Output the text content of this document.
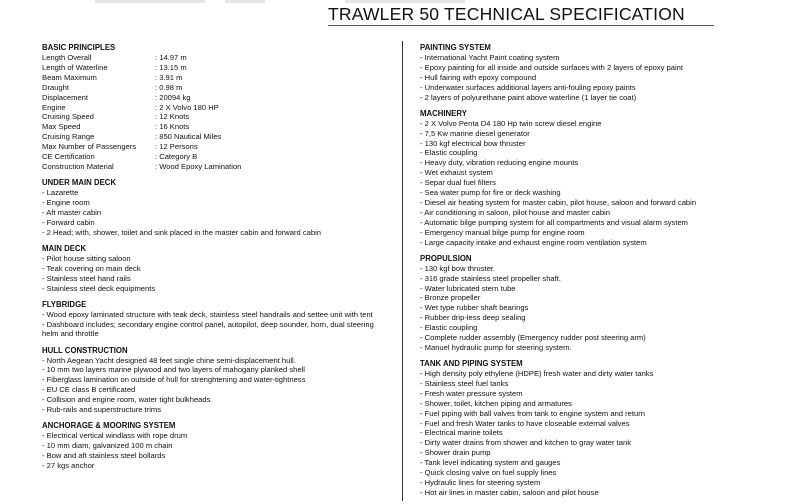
TRAWLER 50 TECHNICAL SPECIFICATION
BASIC PRINCIPLES
Length Overall	: 14.97 m
Length of Waterline	: 13.15 m
Beam Maximum	: 3.91 m
Draught	: 0.98 m
Displacement	: 20094 kg
Engine	: 2 X Volvo 180 HP
Cruising Speed	: 12 Knots
Max Speed	: 16 Knots
Cruising Range	: 850 Nautical Miles
Max Number of Passengers	: 12 Persons
CE Certification	: Category B
Construction Material	: Wood Epoxy Lamination
UNDER MAIN DECK
- Lazarette
- Engine room
- Aft master cabin
- Forward cabin
- 2 Head; with, shower, toilet and sink placed in the master cabin and forward cabin
MAIN DECK
- Pilot house sitting saloon
- Teak covering on main deck
- Stainless steel hand rails
- Stainless steel deck equipments
FLYBRIDGE
- Wood epoxy laminated structure with teak deck, stainless steel handrails and settee unit with tent
- Dashboard includes; secondary engine control panel, autopilot, deep sounder, horn, dual steering helm and throttle
HULL CONSTRUCTION
- North Aegean Yacht designed 48 feet single chine semi-displacement hull.
- 10 mm two layers marine plywood and two layers of mahogany planked shell
- Fiberglass lamination on outside of hull for strenghtening and water-tightness
- EU CE class B certificated
- Collision and engine room, water tight bulkheads
- Rub-rails and superstructure trims
ANCHORAGE & MOORING SYSTEM
- Electrical vertical windlass with rope drum
- 10 mm diam, galvanized 100 m chain
- Bow and aft stainless steel bollards
- 27 kgs anchor
PAINTING SYSTEM
- International Yacht Paint coating system
- Epoxy painting for all inside and outside surfaces with 2 layers of epoxy paint
- Hull fairing with epoxy compound
- Underwater surfaces additional layers anti-fouling epoxy paints
- 2 layers of polyurethane paint above waterline (1 layer tie coat)
MACHINERY
- 2 X Volvo Penta D4 180 Hp twin screw diesel engine
- 7,5 Kw marine diesel generator
- 130 kgf electrical bow thruster
- Elastic coupling
- Heavy duty, vibration reducing engine mounts
- Wet exhaust system
- Separ dual fuel filters
- Sea water pump for fire or deck washing
- Diesel air heating system for master cabin, pilot house, saloon and forward cabin
- Air conditioning in saloon, pilot house and master cabin
- Automatic bilge pumping system for all compartments and visual alarm system
- Emergency manual bilge pump for engine room
- Large capacity intake and exhaust engine room ventilation system
PROPULSION
- 130 kgf bow thruster.
- 316 grade stainless steel propeller shaft.
- Water lubricated stern tube
- Bronze propeller
- Wet type rubber shaft bearings
- Rubber drip-less deep sealing
- Elastic coupling
- Complete rudder assembly (Emergency rudder post steering arm)
- Manuel hydraulic pump for steering system.
TANK AND PIPING SYSTEM
- High density poly ethylene (HDPE) fresh water and dirty water tanks
- Stainless steel fuel tanks
- Fresh water pressure system
- Shower, toilet, kitchen piping and armatures
- Fuel piping with ball valves from tank to engine system and return
- Fuel and fresh Water tanks to have closeable external valves
- Electrical marine toilets
- Dirty water drains from shower and kitchen to gray water tank
- Shower drain pump
- Tank level indicating system and gauges
- Quick closing valve on fuel supply lines
- Hydraulic lines for steering system
- Hot air lines in master cabin, saloon and pilot house
